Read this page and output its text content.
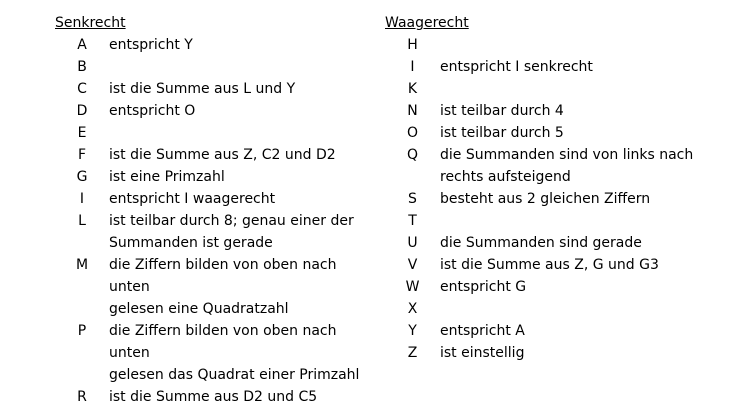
Senkrecht
A	entspricht Y
B
C	ist die Summe aus L und Y
D	entspricht O
E
F	ist die Summe aus Z, C2 und D2
G	ist eine Primzahl
I	entspricht I waagerecht
L	ist teilbar durch 8; genau einer der
Summanden ist gerade
M	die Ziffern bilden von oben nach unten
gelesen eine Quadratzahl
P	die Ziffern bilden von oben nach unten
gelesen das Quadrat einer Primzahl
R	ist die Summe aus D2 und C5
Waagerecht
H
I	entspricht I senkrecht
K
N	ist teilbar durch 4
O	ist teilbar durch 5
Q	die Summanden sind von links nach
rechts aufsteigend
S	besteht aus 2 gleichen Ziffern
T
U	die Summanden sind gerade
V	ist die Summe aus Z, G und G3
W	entspricht G
X
Y	entspricht A
Z	ist einstellig
